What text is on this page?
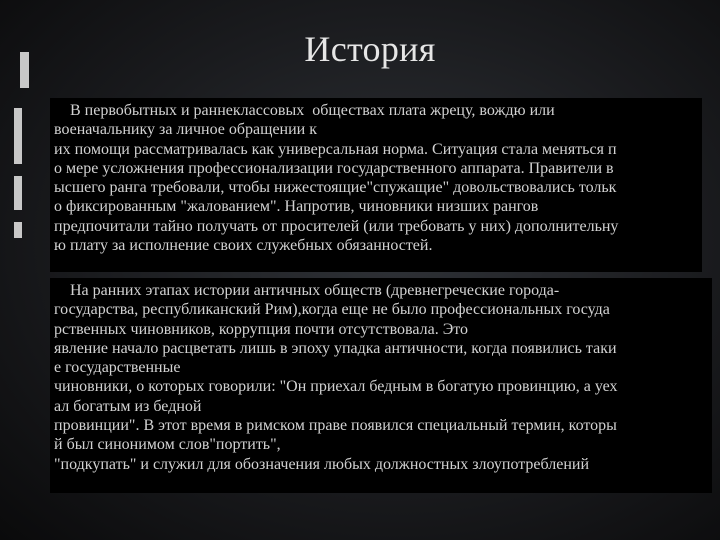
История

В первобытных и раннеклассовых  обществах плата жрецу, вождю или
военачальнику за личное обращении к
их помощи рассматривалась как универсальная норма. Ситуация стала меняться п
о мере усложнения профессионализации государственного аппарата. Правители в
ысшего ранга требовали, чтобы нижестоящие"спужащие" довольствовались тольк
о фиксированным "жалованием". Напротив, чиновники низших рангов
предпочитали тайно получать от просителей (или требовать у них) дополнительну
ю плату за исполнение своих служебных обязанностей.

На ранних этапах истории античных обществ (древнегреческие города-
государства, республиканский Рим),когда еще не было профессиональных госуда
рственных чиновников, коррупция почти отсутствовала. Это
явление начало расцветать лишь в эпоху упадка античности, когда появились таки
е государственные
чиновники, о которых говорили: "Он приехал бедным в богатую провинцию, а уех
ал богатым из бедной
провинции". В этот время в римском праве появился специальный термин, которы
й был синонимом слов"портить",
"подкупать" и служил для обозначения любых должностных злоупотреблений
